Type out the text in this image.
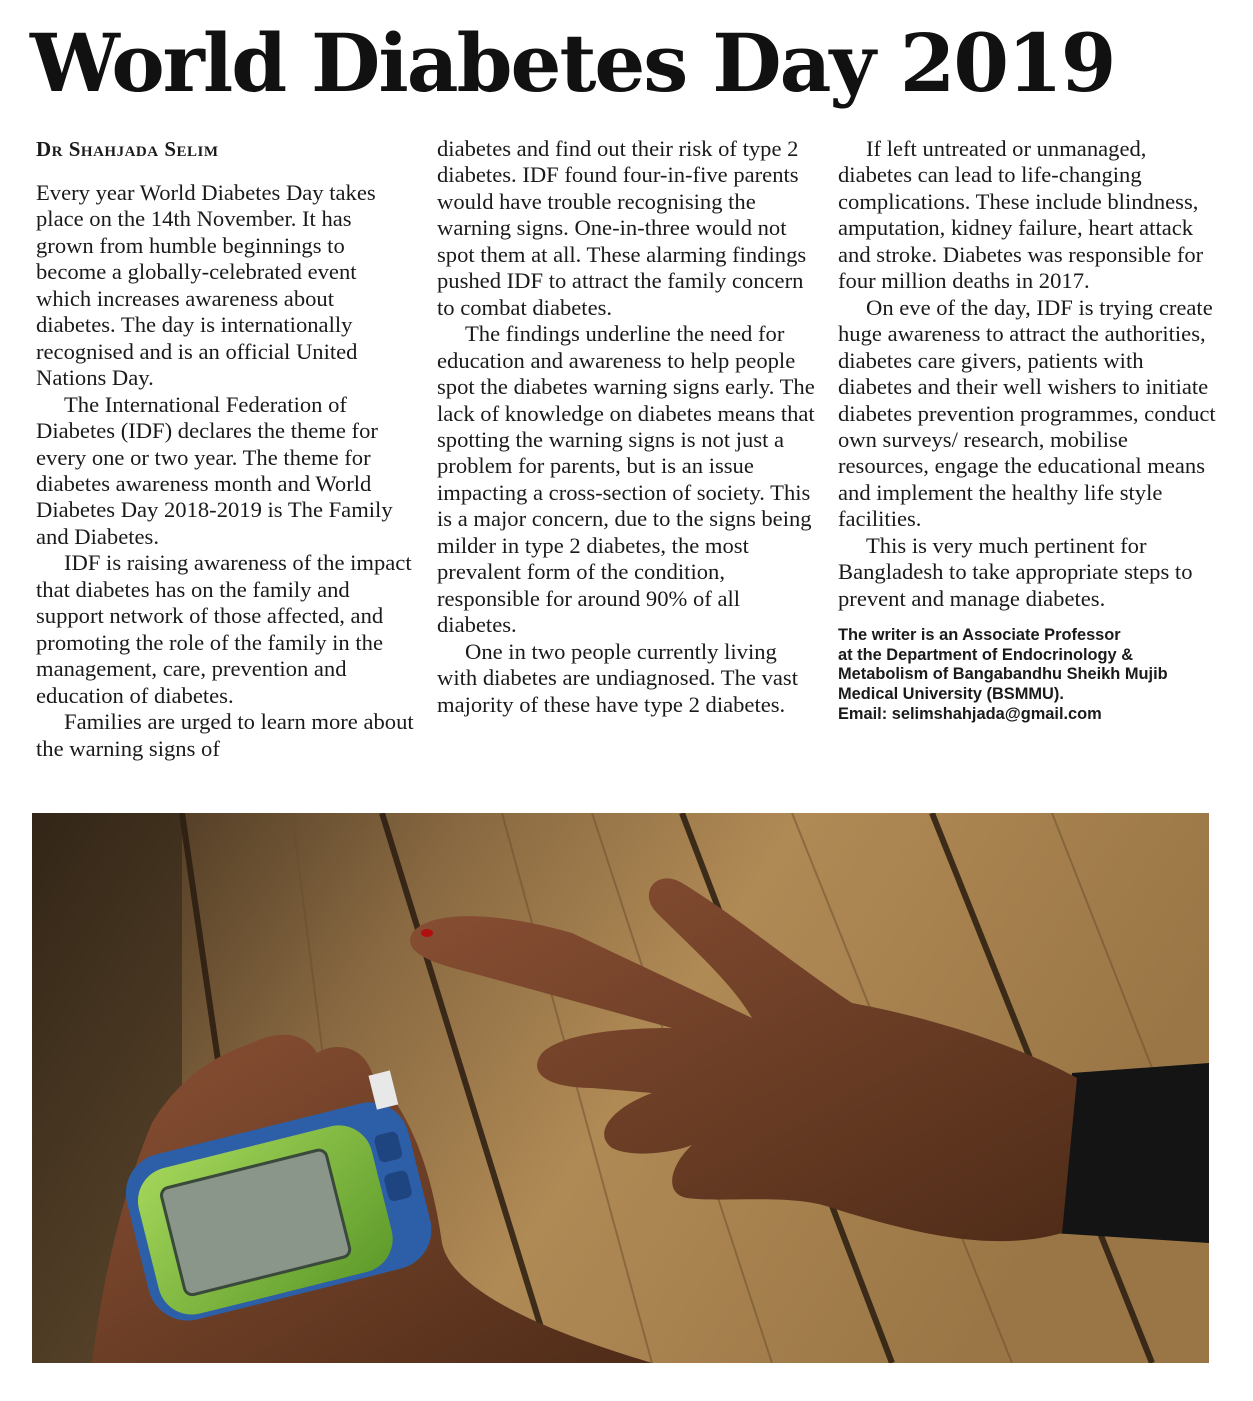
World Diabetes Day 2019

Dr Shahjada Selim

Every year World Diabetes Day takes place on the 14th November. It has grown from humble beginnings to become a globally-celebrated event which increases awareness about diabetes. The day is internationally recognised and is an official United Nations Day.

The International Federation of Diabetes (IDF) declares the theme for every one or two year. The theme for diabetes awareness month and World Diabetes Day 2018-2019 is The Family and Diabetes.

IDF is raising awareness of the impact that diabetes has on the family and support network of those affected, and promoting the role of the family in the management, care, prevention and education of diabetes.

Families are urged to learn more about the warning signs of

diabetes and find out their risk of type 2 diabetes. IDF found four-in-five parents would have trouble recognising the warning signs. One-in-three would not spot them at all. These alarming findings pushed IDF to attract the family concern to combat diabetes.

The findings underline the need for education and awareness to help people spot the diabetes warning signs early. The lack of knowledge on diabetes means that spotting the warning signs is not just a problem for parents, but is an issue impacting a cross-section of society. This is a major concern, due to the signs being milder in type 2 diabetes, the most prevalent form of the condition, responsible for around 90% of all diabetes.

One in two people currently living with diabetes are undiagnosed. The vast majority of these have type 2 diabetes.

If left untreated or unmanaged, diabetes can lead to life-changing complications. These include blindness, amputation, kidney failure, heart attack and stroke. Diabetes was responsible for four million deaths in 2017.

On eve of the day, IDF is trying create huge awareness to attract the authorities, diabetes care givers, patients with diabetes and their well wishers to initiate diabetes prevention programmes, conduct own surveys/ research, mobilise resources, engage the educational means and implement the healthy life style facilities.

This is very much pertinent for Bangladesh to take appropriate steps to prevent and manage diabetes.

The writer is an Associate Professor
at the Department of Endocrinology &
Metabolism of Bangabandhu Sheikh Mujib
Medical University (BSMMU).
Email: selimshahjada@gmail.com
